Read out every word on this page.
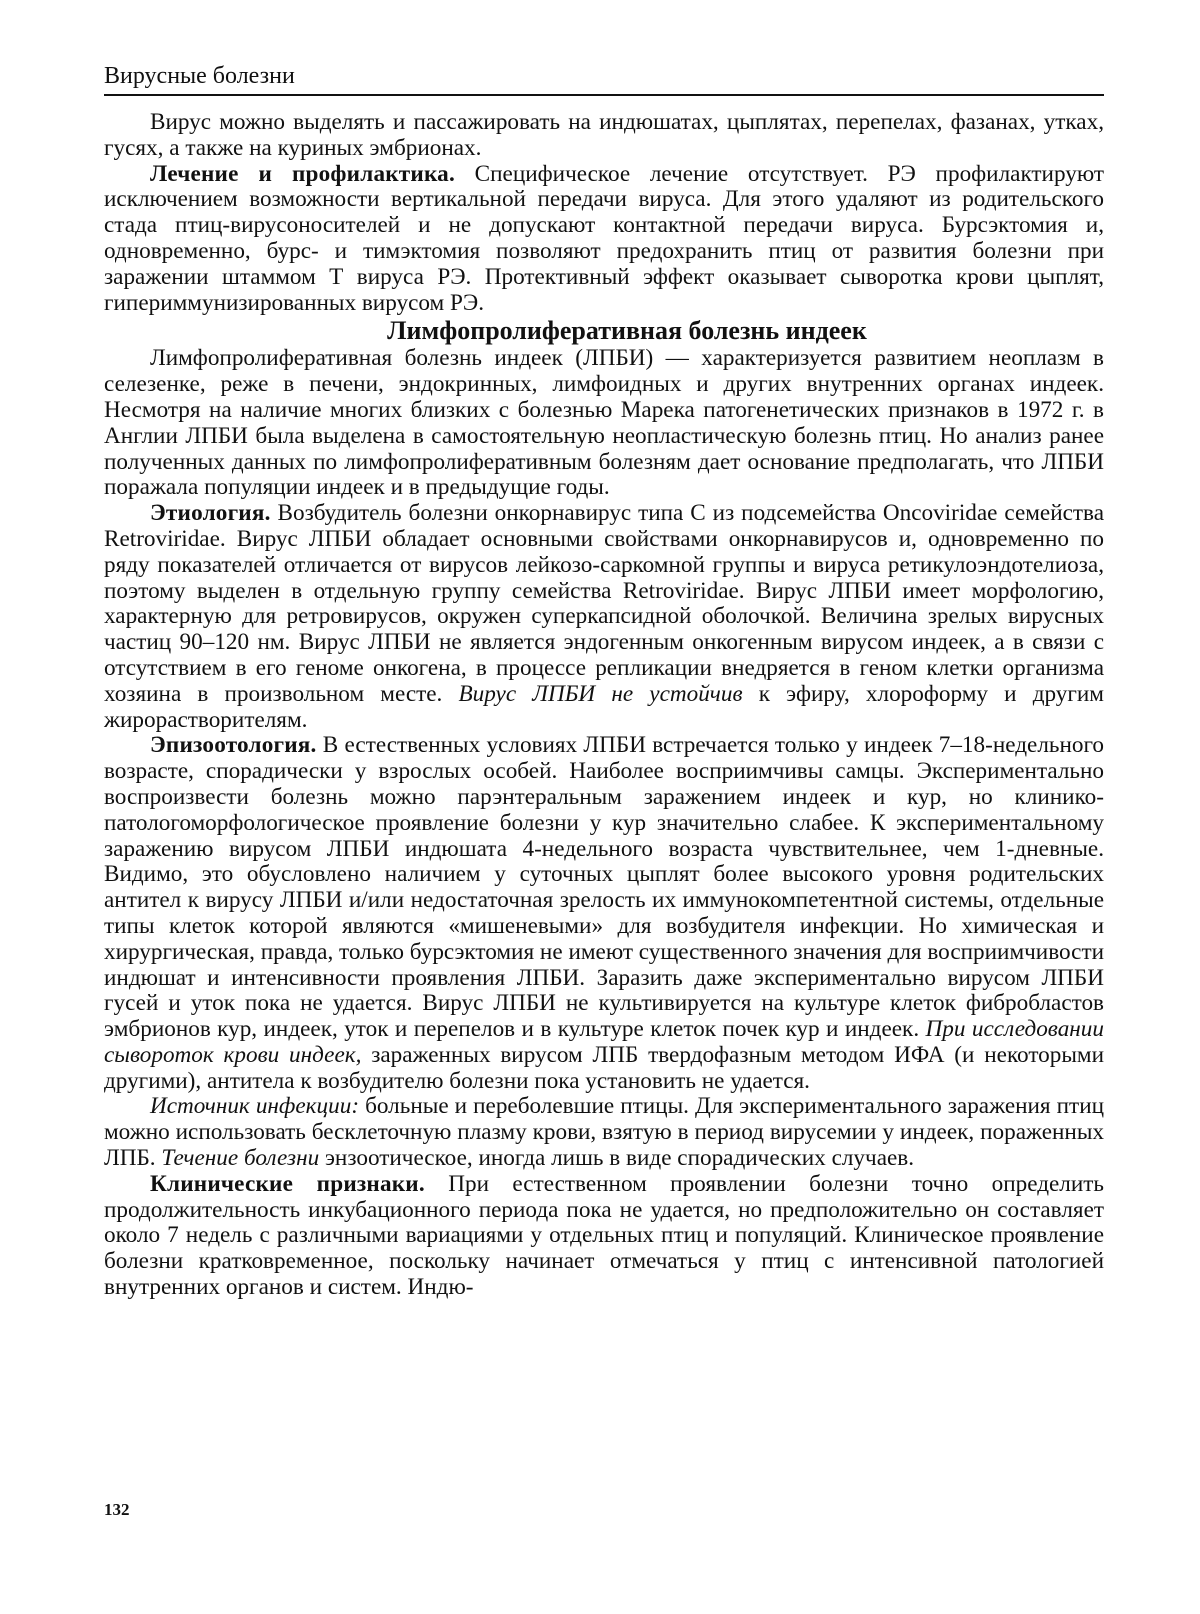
Вирусные болезни

Вирус можно выделять и пассажировать на индюшатах, цыплятах, перепелах, фазанах, утках, гусях, а также на куриных эмбрионах.

Лечение и профилактика. Специфическое лечение отсутствует. РЭ профилактируют исключением возможности вертикальной передачи вируса. Для этого удаляют из родительского стада птиц-вирусоносителей и не допускают контактной передачи вируса. Бурсэктомия и, одновременно, бурс- и тимэктомия позволяют предохранить птиц от развития болезни при заражении штаммом Т вируса РЭ. Протективный эффект оказывает сыворотка крови цыплят, гипериммунизированных вирусом РЭ.

Лимфопролиферативная болезнь индеек

Лимфопролиферативная болезнь индеек (ЛПБИ) — характеризуется развитием неоплазм в селезенке, реже в печени, эндокринных, лимфоидных и других внутренних органах индеек. Несмотря на наличие многих близких с болезнью Марека патогенетических признаков в 1972 г. в Англии ЛПБИ была выделена в самостоятельную неопластическую болезнь птиц. Но анализ ранее полученных данных по лимфопролиферативным болезням дает основание предполагать, что ЛПБИ поражала популяции индеек и в предыдущие годы.

Этиология. Возбудитель болезни онкорнавирус типа С из подсемейства Oncoviridae семейства Retroviridae. Вирус ЛПБИ обладает основными свойствами онкорнавирусов и, одновременно по ряду показателей отличается от вирусов лейкозо-саркомной группы и вируса ретикулоэндотелиоза, поэтому выделен в отдельную группу семейства Retroviridae. Вирус ЛПБИ имеет морфологию, характерную для ретровирусов, окружен суперкапсидной оболочкой. Величина зрелых вирусных частиц 90–120 нм. Вирус ЛПБИ не является эндогенным онкогенным вирусом индеек, а в связи с отсутствием в его геноме онкогена, в процессе репликации внедряется в геном клетки организма хозяина в произвольном месте. Вирус ЛПБИ не устойчив к эфиру, хлороформу и другим жирорастворителям.

Эпизоотология. В естественных условиях ЛПБИ встречается только у индеек 7–18-недельного возрасте, спорадически у взрослых особей. Наиболее восприимчивы самцы. Экспериментально воспроизвести болезнь можно парэнтеральным заражением индеек и кур, но клинико-патологоморфологическое проявление болезни у кур значительно слабее. К экспериментальному заражению вирусом ЛПБИ индюшата 4-недельного возраста чувствительнее, чем 1-дневные. Видимо, это обусловлено наличием у суточных цыплят более высокого уровня родительских антител к вирусу ЛПБИ и/или недостаточная зрелость их иммунокомпетентной системы, отдельные типы клеток которой являются «мишеневыми» для возбудителя инфекции. Но химическая и хирургическая, правда, только бурсэктомия не имеют существенного значения для восприимчивости индюшат и интенсивности проявления ЛПБИ. Заразить даже экспериментально вирусом ЛПБИ гусей и уток пока не удается. Вирус ЛПБИ не культивируется на культуре клеток фибробластов эмбрионов кур, индеек, уток и перепелов и в культуре клеток почек кур и индеек. При исследовании сывороток крови индеек, зараженных вирусом ЛПБ твердофазным методом ИФА (и некоторыми другими), антитела к возбудителю болезни пока установить не удается.

Источник инфекции: больные и переболевшие птицы. Для экспериментального заражения птиц можно использовать бесклеточную плазму крови, взятую в период вирусемии у индеек, пораженных ЛПБ. Течение болезни энзоотическое, иногда лишь в виде спорадических случаев.

Клинические признаки. При естественном проявлении болезни точно определить продолжительность инкубационного периода пока не удается, но предположительно он составляет около 7 недель с различными вариациями у отдельных птиц и популяций. Клиническое проявление болезни кратковременное, поскольку начинает отмечаться у птиц с интенсивной патологией внутренних органов и систем. Индю-

132
